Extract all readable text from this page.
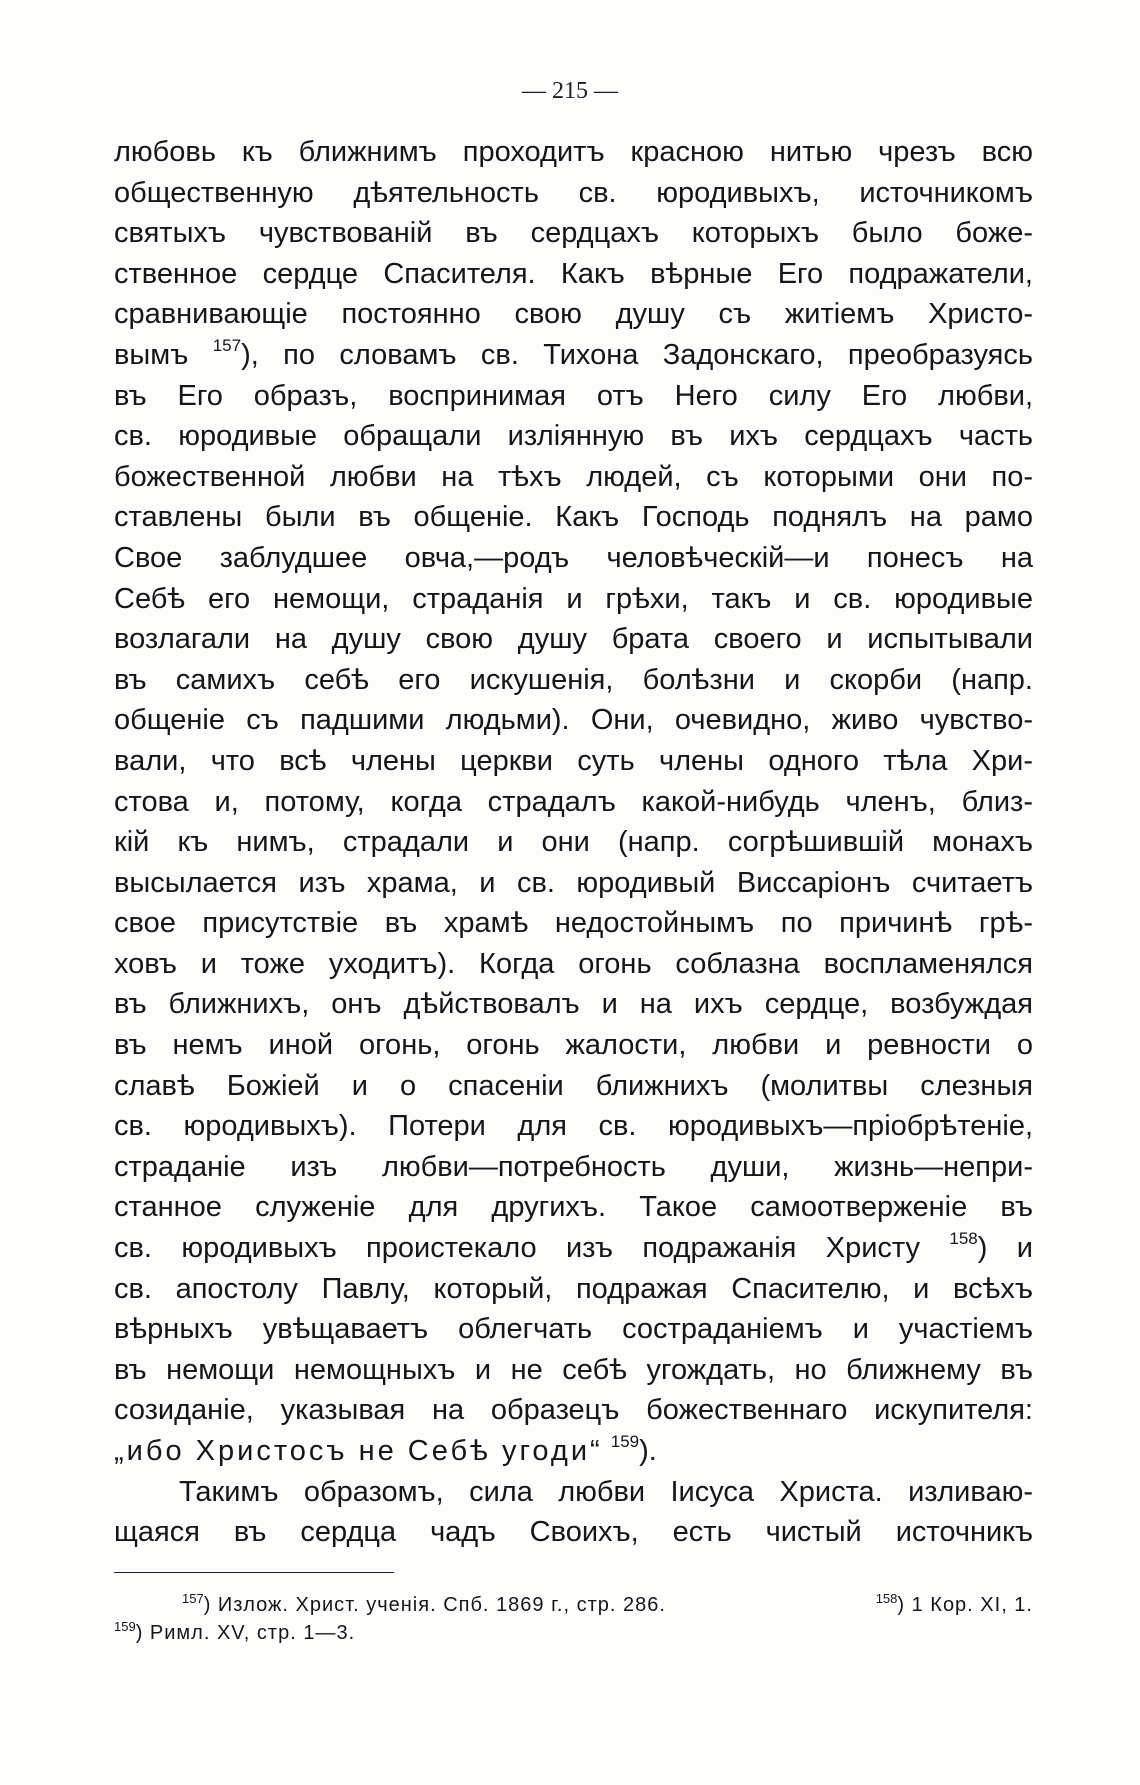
— 215 —
любовь къ ближнимъ проходитъ красною нитью чрезъ всю
общественную дѣятельность св. юродивыхъ, источникомъ
святыхъ чувствованій въ сердцахъ которыхъ было боже-
ственное сердце Спасителя. Какъ вѣрные Его подражатели,
сравнивающіе постоянно свою душу съ житіемъ Христо-
вымъ $^{157}$), по словамъ св. Тихона Задонскаго, преобразуясь
въ Его образъ, воспринимая отъ Него силу Его любви,
св. юродивые обращали изліянную въ ихъ сердцахъ часть
божественной любви на тѣхъ людей, съ которыми они по-
ставлены были въ общеніе. Какъ Господь поднялъ на рамо
Свое заблудшее овча,—родъ человѣческій—и понесъ на
Себѣ его немощи, страданія и грѣхи, такъ и св. юродивые
возлагали на душу свою душу брата своего и испытывали
въ самихъ себѣ его искушенія, болѣзни и скорби (напр.
общеніе съ падшими людьми). Они, очевидно, живо чувство-
вали, что всѣ члены церкви суть члены одного тѣла Хри-
стова и, потому, когда страдалъ какой-нибудь членъ, близ-
кій къ нимъ, страдали и они (напр. согрѣшившій монахъ
высылается изъ храма, и св. юродивый Виссаріонъ считаетъ
свое присутствіе въ храмѣ недостойнымъ по причинѣ грѣ-
ховъ и тоже уходитъ). Когда огонь соблазна воспламенялся
въ ближнихъ, онъ дѣйствовалъ и на ихъ сердце, возбуждая
въ немъ иной огонь, огонь жалости, любви и ревности о
славѣ Божіей и о спасеніи ближнихъ (молитвы слезныя
св. юродивыхъ). Потери для св. юродивыхъ—пріобрѣтеніе,
страданіе изъ любви—потребность души, жизнь—непри-
станное служеніе для другихъ. Такое самоотверженіе въ
св. юродивыхъ проистекало изъ подражанія Христу $^{158}$) и
св. апостолу Павлу, который, подражая Спасителю, и всѣхъ
вѣрныхъ увѣщаваетъ облегчать состраданіемъ и участіемъ
въ немощи немощныхъ и не себѣ угождать, но ближнему въ
созиданіе, указывая на образецъ божественнаго искупителя:
„ибо Христосъ не Себѣ угоди“ $^{159}$).
Такимъ образомъ, сила любви Іисуса Христа. изливаю-
щаяся въ сердца чадъ Своихъ, есть чистый источникъ
$^{157}$) Излож. Христ. ученія. Спб. 1869 г., стр. 286.	$^{158}$) 1 Кор. XI, 1.
$^{159}$) Римл. XV, стр. 1—3.
